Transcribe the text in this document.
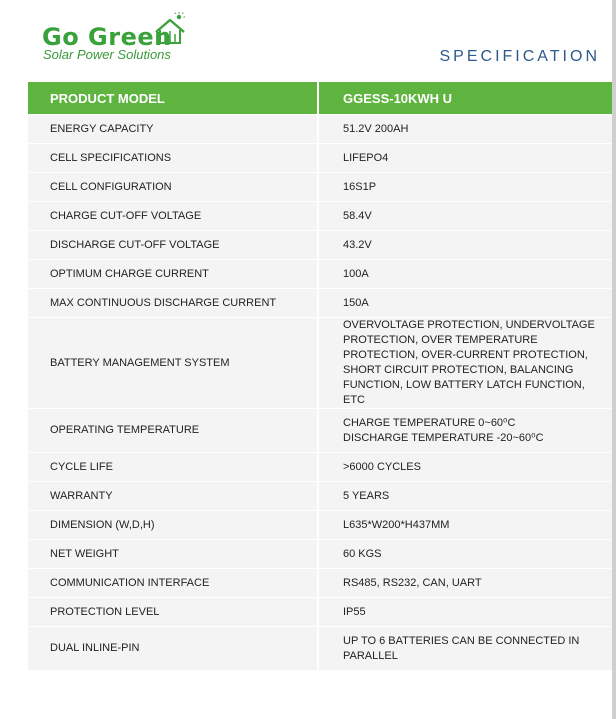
Go Green
Solar Power Solutions	SPECIFICATION
PRODUCT MODEL	GGESS-10KWH U
ENERGY CAPACITY	51.2V 200AH
CELL SPECIFICATIONS	LIFEPO4
CELL CONFIGURATION	16S1P
CHARGE CUT-OFF VOLTAGE	58.4V
DISCHARGE CUT-OFF VOLTAGE	43.2V
OPTIMUM CHARGE CURRENT	100A
MAX CONTINUOUS DISCHARGE CURRENT	150A
BATTERY MANAGEMENT SYSTEM	OVERVOLTAGE PROTECTION, UNDERVOLTAGE PROTECTION, OVER TEMPERATURE PROTECTION, OVER-CURRENT PROTECTION, SHORT CIRCUIT PROTECTION, BALANCING FUNCTION, LOW BATTERY LATCH FUNCTION, ETC
OPERATING TEMPERATURE	CHARGE TEMPERATURE 0~60⁰C
DISCHARGE TEMPERATURE -20~60⁰C

CYCLE LIFE	>6000 CYCLES
WARRANTY	5 YEARS
DIMENSION (W,D,H)	L635*W200*H437MM
NET WEIGHT	60 KGS
COMMUNICATION INTERFACE	RS485, RS232, CAN, UART
PROTECTION LEVEL	IP55
DUAL INLINE-PIN	UP TO 6 BATTERIES CAN BE CONNECTED IN PARALLEL
